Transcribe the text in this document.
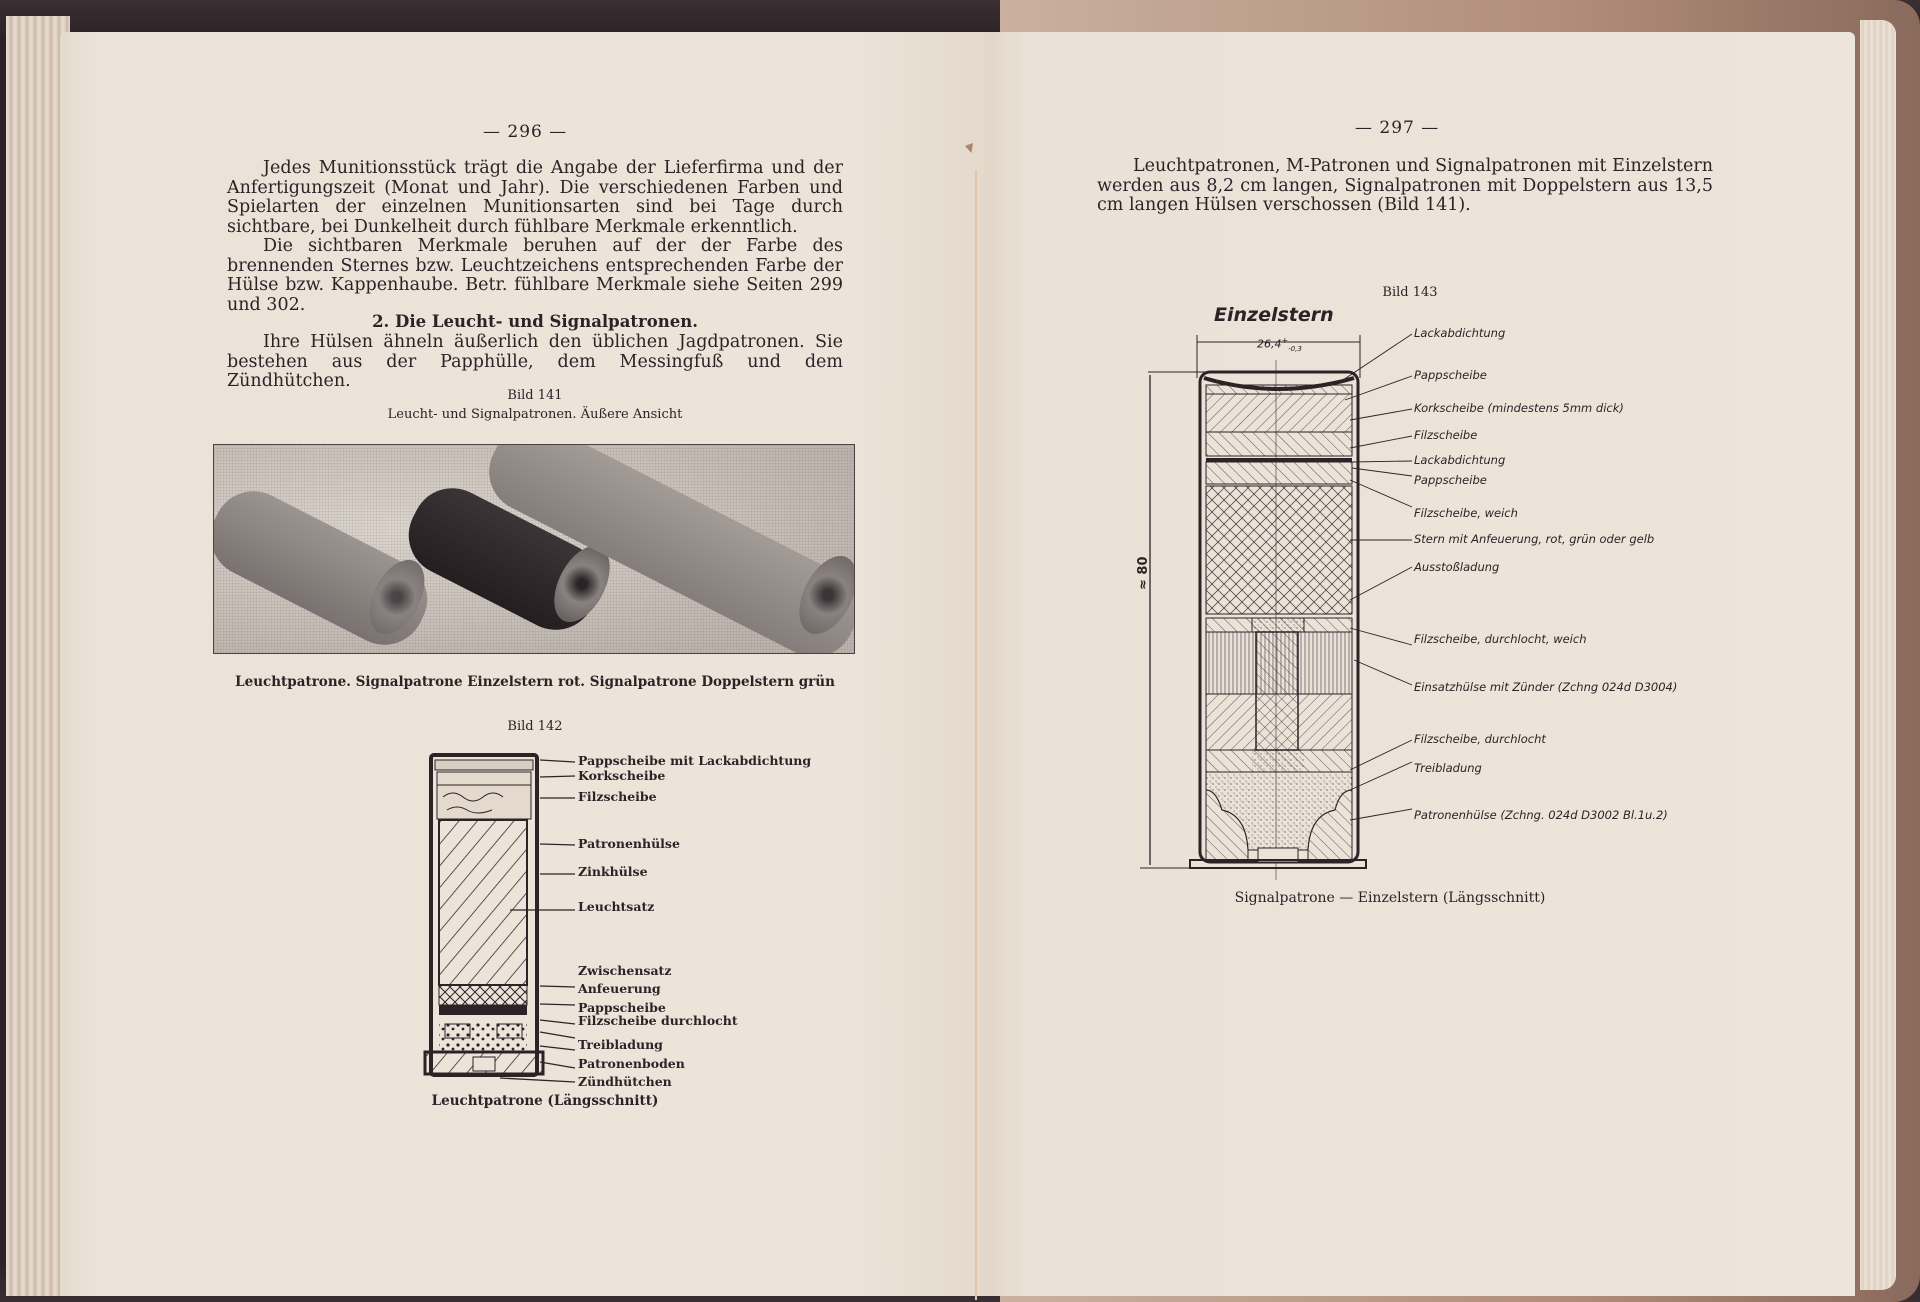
— 296 —

Jedes Munitionsstück trägt die Angabe der Lieferfirma und der Anfertigungszeit (Monat und Jahr). Die verschiedenen Farben und Spielarten der einzelnen Munitionsarten sind bei Tage durch sichtbare, bei Dunkelheit durch fühlbare Merkmale erkenntlich.

Die sichtbaren Merkmale beruhen auf der der Farbe des brennenden Sternes bzw. Leuchtzeichens entsprechenden Farbe der Hülse bzw. Kappenhaube. Betr. fühlbare Merkmale siehe Seiten 299 und 302.

2. Die Leucht- und Signalpatronen.

Ihre Hülsen ähneln äußerlich den üblichen Jagdpatronen. Sie bestehen aus der Papphülle, dem Messingfuß und dem Zündhütchen.

Bild 141
Leucht- und Signalpatronen. Äußere Ansicht
Leuchtpatrone. Signalpatrone Einzelstern rot. Signalpatrone Doppelstern grün
Bild 142
Pappscheibe mit Lackabdichtung
Korkscheibe
Filzscheibe
Patronenhülse
Zinkhülse
Leuchtsatz
Zwischensatz
Anfeuerung
Pappscheibe
Filzscheibe durchlocht
Treibladung
Patronenboden
Zündhütchen
Leuchtpatrone (Längsschnitt)
— 297 —

Leuchtpatronen, M-Patronen und Signalpatronen mit Einzelstern werden aus 8,2 cm langen, Signalpatronen mit Doppelstern aus 13,5 cm langen Hülsen verschossen (Bild 141).

Bild 143
Einzelstern
$26,4^+_{-0,3}$
≈ 80
Lackabdichtung
Pappscheibe
Korkscheibe (mindestens 5mm dick)
Filzscheibe
Lackabdichtung
Pappscheibe
Filzscheibe, weich
Stern mit Anfeuerung, rot, grün oder gelb
Ausstoßladung
Filzscheibe, durchlocht, weich
Einsatzhülse mit Zünder (Zchng 024d D3004)
Filzscheibe, durchlocht
Treibladung
Patronenhülse (Zchng. 024d D3002 Bl.1u.2)
Signalpatrone — Einzelstern (Längsschnitt)
